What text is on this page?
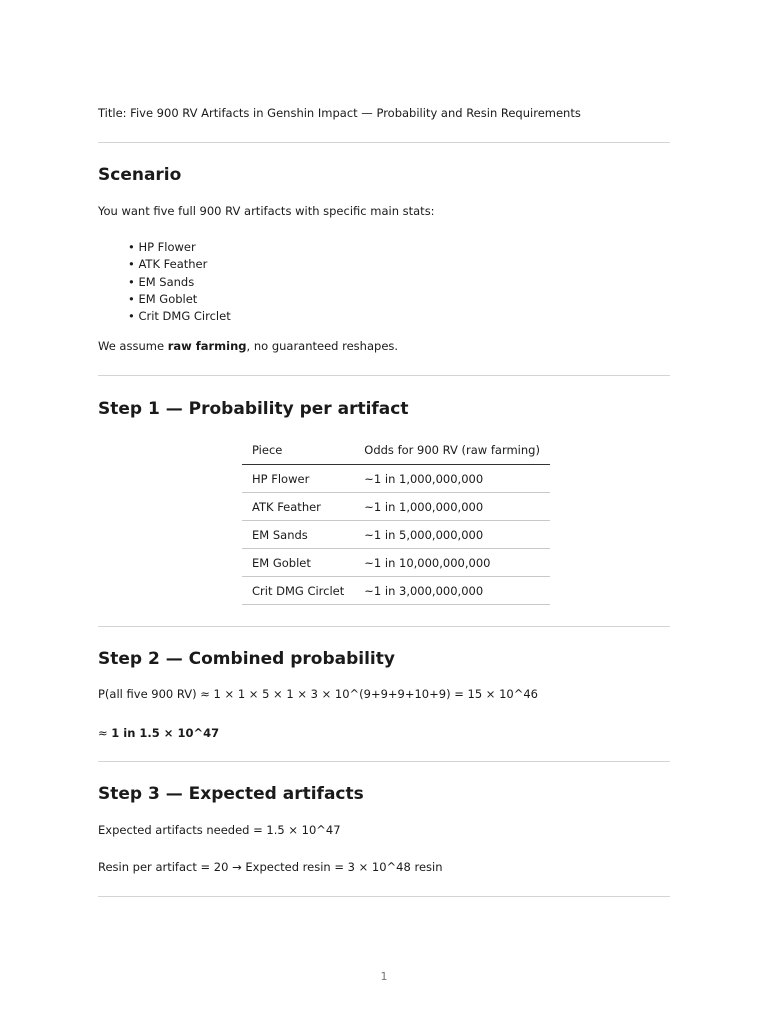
Title: Five 900 RV Artifacts in Genshin Impact — Probability and Resin Requirements
Scenario
You want five full 900 RV artifacts with specific main stats:
• HP Flower
• ATK Feather
• EM Sands
• EM Goblet
• Crit DMG Circlet
We assume raw farming, no guaranteed reshapes.
Step 1 — Probability per artifact
Piece	Odds for 900 RV (raw farming)
HP Flower	~1 in 1,000,000,000
ATK Feather	~1 in 1,000,000,000
EM Sands	~1 in 5,000,000,000
EM Goblet	~1 in 10,000,000,000
Crit DMG Circlet	~1 in 3,000,000,000
Step 2 — Combined probability
P(all five 900 RV) ≈ 1 × 1 × 5 × 1 × 3 × 10^(9+9+9+10+9) = 15 × 10^46
≈ 1 in 1.5 × 10^47
Step 3 — Expected artifacts
Expected artifacts needed = 1.5 × 10^47
Resin per artifact = 20 → Expected resin = 3 × 10^48 resin
1
